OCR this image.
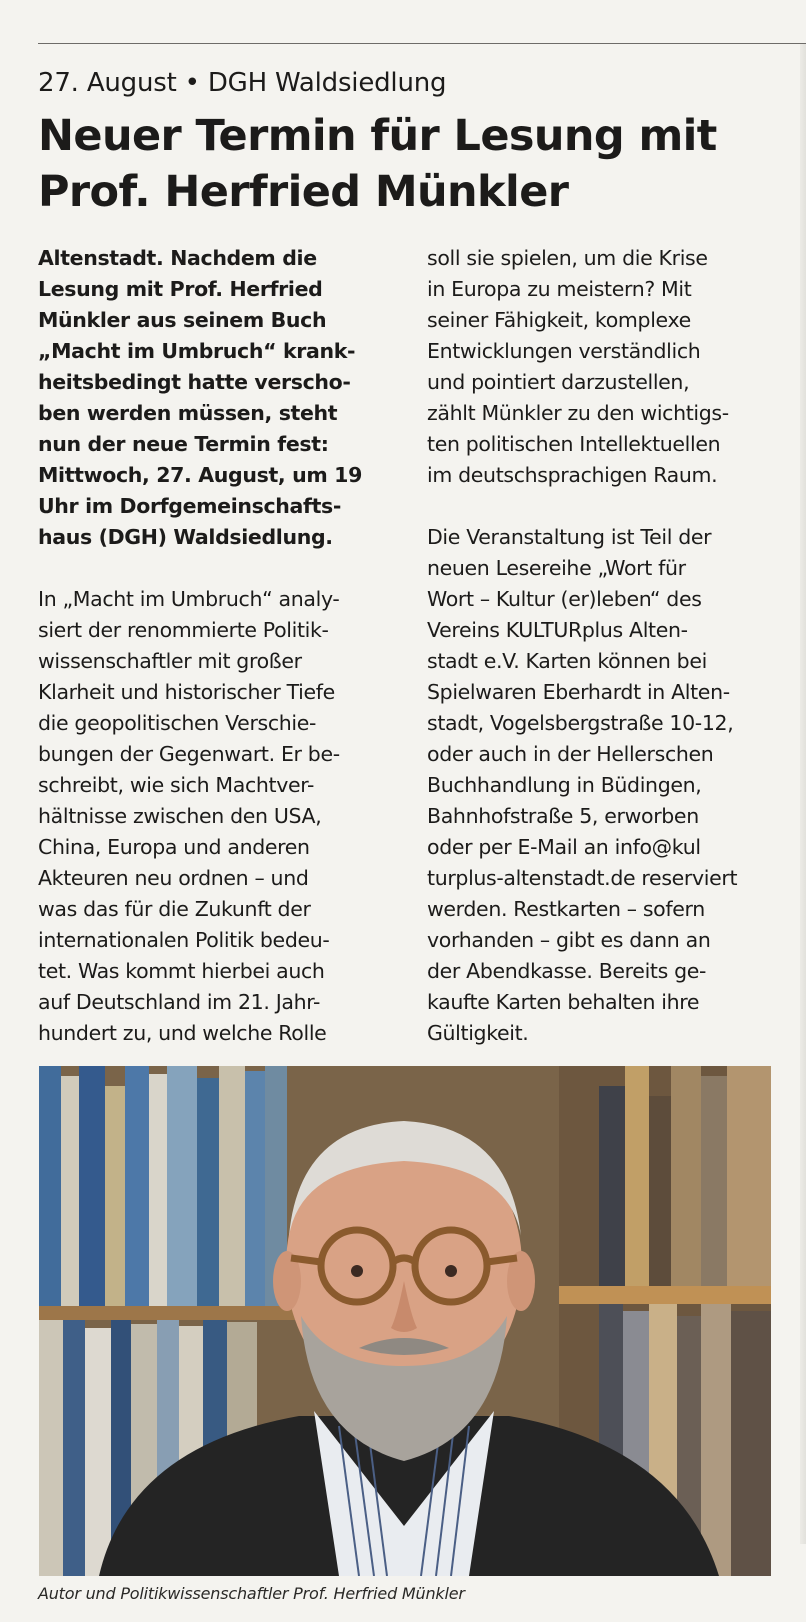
27. August • DGH Waldsiedlung
Neuer Termin für Lesung mit
Prof. Herfried Münkler
Altenstadt. Nachdem die
Lesung mit Prof. Herfried
Münkler aus seinem Buch
„Macht im Umbruch“ krank-
heitsbedingt hatte verscho-
ben werden müssen, steht
nun der neue Termin fest:
Mittwoch, 27. August, um 19
Uhr im Dorfgemeinschafts-
haus (DGH) Waldsiedlung.
In „Macht im Umbruch“ analy-
siert der renommierte Politik-
wissenschaftler mit großer
Klarheit und historischer Tiefe
die geopolitischen Verschie-
bungen der Gegenwart. Er be-
schreibt, wie sich Machtver-
hältnisse zwischen den USA,
China, Europa und anderen
Akteuren neu ordnen – und
was das für die Zukunft der
internationalen Politik bedeu-
tet. Was kommt hierbei auch
auf Deutschland im 21. Jahr-
hundert zu, und welche Rolle
soll sie spielen, um die Krise
in Europa zu meistern? Mit
seiner Fähigkeit, komplexe
Entwicklungen verständlich
und pointiert darzustellen,
zählt Münkler zu den wichtigs-
ten politischen Intellektuellen
im deutschsprachigen Raum.
Die Veranstaltung ist Teil der
neuen Lesereihe „Wort für
Wort – Kultur (er)leben“ des
Vereins KULTURplus Alten-
stadt e.V. Karten können bei
Spielwaren Eberhardt in Alten-
stadt, Vogelsbergstraße 10-12,
oder auch in der Hellerschen
Buchhandlung in Büdingen,
Bahnhofstraße 5, erworben
oder per E-Mail an info@kul
turplus-altenstadt.de reserviert
werden. Restkarten – sofern
vorhanden – gibt es dann an
der Abendkasse. Bereits ge-
kaufte Karten behalten ihre
Gültigkeit.
Autor und Politikwissenschaftler Prof. Herfried Münkler
